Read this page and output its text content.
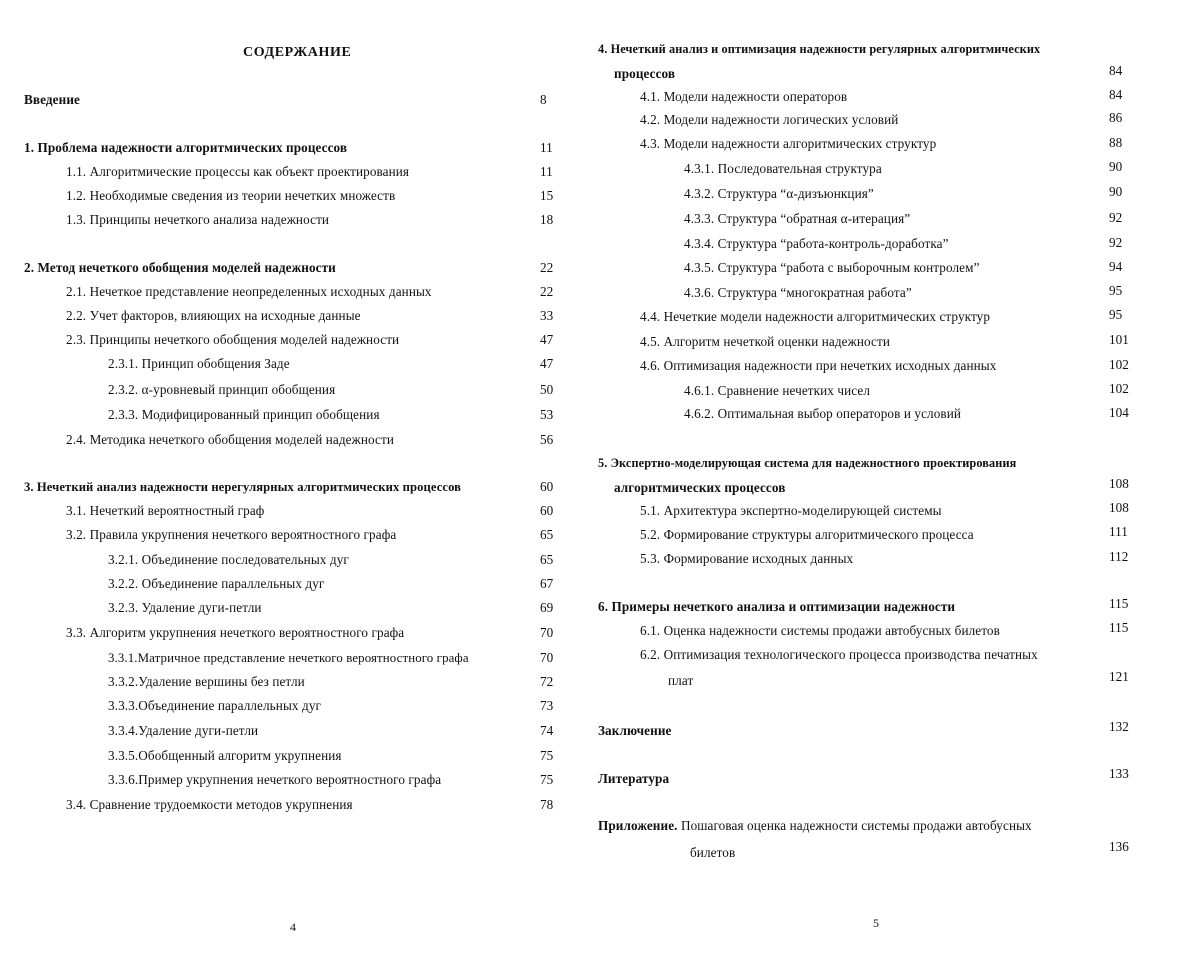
СОДЕРЖАНИЕ
Введение	8
1. Проблема надежности алгоритмических процессов	11
1.1. Алгоритмические процессы как объект проектирования	11
1.2. Необходимые сведения из теории нечетких множеств	15
1.3. Принципы нечеткого анализа надежности	18
2. Метод нечеткого обобщения моделей надежности	22
2.1. Нечеткое представление неопределенных исходных данных	22
2.2. Учет факторов, влияющих на исходные данные	33
2.3. Принципы нечеткого обобщения моделей надежности	47
2.3.1. Принцип обобщения Заде	47
2.3.2. α-уровневый принцип обобщения	50
2.3.3. Модифицированный принцип обобщения	53
2.4. Методика нечеткого обобщения моделей надежности	56
3. Нечеткий анализ надежности нерегулярных алгоритмических процессов	60
3.1. Нечеткий вероятностный граф	60
3.2. Правила укрупнения нечеткого вероятностного графа	65
3.2.1. Объединение последовательных дуг	65
3.2.2. Объединение параллельных дуг	67
3.2.3. Удаление дуги-петли	69
3.3. Алгоритм укрупнения нечеткого вероятностного графа	70
3.3.1.Матричное представление нечеткого вероятностного графа	70
3.3.2.Удаление вершины без петли	72
3.3.3.Объединение параллельных дуг	73
3.3.4.Удаление дуги-петли	74
3.3.5.Обобщенный алгоритм укрупнения	75
3.3.6.Пример укрупнения нечеткого вероятностного графа	75
3.4. Сравнение трудоемкости методов укрупнения	78
4
4. Нечеткий анализ и оптимизация надежности регулярных алгоритмических
процессов	84
4.1. Модели надежности операторов	84
4.2. Модели надежности логических условий	86
4.3. Модели надежности алгоритмических структур	88
4.3.1. Последовательная структура	90
4.3.2. Структура “α-дизъюнкция”	90
4.3.3. Структура “обратная α-итерация”	92
4.3.4. Структура “работа-контроль-доработка”	92
4.3.5. Структура “работа с выборочным контролем”	94
4.3.6. Структура “многократная работа”	95
4.4. Нечеткие модели надежности алгоритмических структур	95
4.5. Алгоритм нечеткой оценки надежности	101
4.6. Оптимизация надежности при нечетких исходных данных	102
4.6.1. Сравнение нечетких чисел	102
4.6.2. Оптимальная выбор операторов и условий	104
5. Экспертно-моделирующая система для надежностного проектирования
алгоритмических процессов	108
5.1. Архитектура экспертно-моделирующей системы	108
5.2. Формирование структуры алгоритмического процесса	111
5.3. Формирование исходных данных	112
6. Примеры нечеткого анализа и оптимизации надежности	115
6.1. Оценка надежности системы продажи автобусных билетов	115
6.2. Оптимизация технологического процесса производства печатных
плат	121
Заключение	132
Литература	133
Приложение. Пошаговая оценка надежности системы продажи автобусных
билетов	136
5
